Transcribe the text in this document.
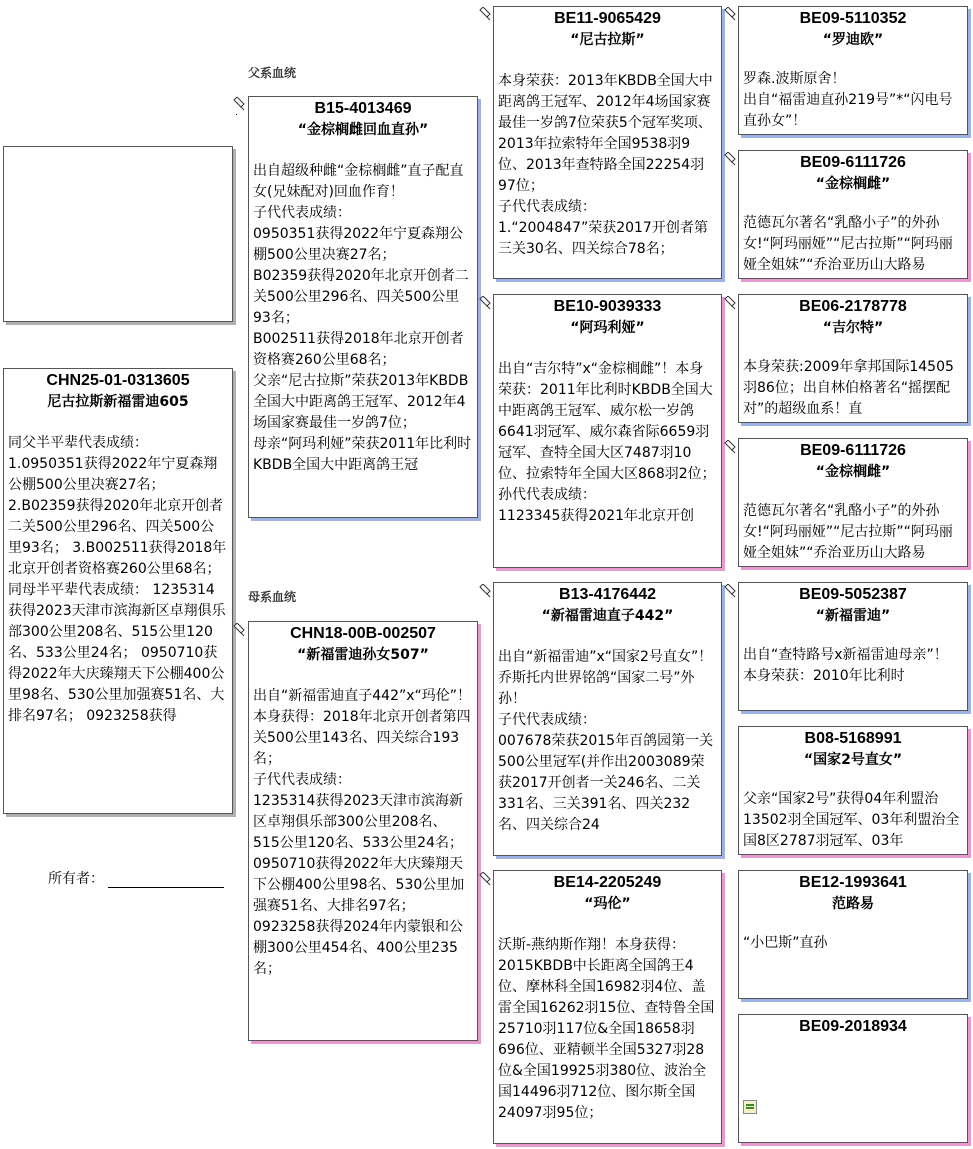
父系血统
母系血统
CHN25-01-0313605
尼古拉斯新福雷迪605
同父半平辈代表成绩：
1.0950351获得2022年宁夏森翔公棚500公里决赛27名；
2.B02359获得2020年北京开创者二关500公里296名、四关500公里93名； 3.B002511获得2018年北京开创者资格赛260公里68名； 同母半平辈代表成绩： 1235314获得2023天津市滨海新区卓翔俱乐部300公里208名、515公里120名、533公里24名； 0950710获得2022年大庆臻翔天下公棚400公里98名、530公里加强赛51名、大排名97名； 0923258获得
所有者：
B15-4013469
“金棕榈雌回血直孙”
出自超级种雌“金棕榈雌”直子配直女(兄妹配对)回血作育！
子代代表成绩：
0950351获得2022年宁夏森翔公棚500公里决赛27名；
B02359获得2020年北京开创者二关500公里296名、四关500公里93名；
B002511获得2018年北京开创者资格赛260公里68名；
父亲“尼古拉斯”荣获2013年KBDB全国大中距离鸽王冠军、2012年4场国家赛最佳一岁鸽7位；
母亲“阿玛利娅”荣获2011年比利时KBDB全国大中距离鸽王冠
CHN18-00B-002507
“新福雷迪孙女507”
出自“新福雷迪直子442”x“玛伦”！
本身获得：2018年北京开创者第四关500公里143名、四关综合193名；
子代代表成绩：
1235314获得2023天津市滨海新区卓翔俱乐部300公里208名、515公里120名、533公里24名；
0950710获得2022年大庆臻翔天下公棚400公里98名、530公里加强赛51名、大排名97名；
0923258获得2024年内蒙银和公棚300公里454名、400公里235名；
BE11-9065429
“尼古拉斯”
本身荣获：2013年KBDB全国大中距离鸽王冠军、2012年4场国家赛最佳一岁鸽7位荣获5个冠军奖项、2013年拉索特年全国9538羽9位、2013年查特路全国22254羽97位；
子代代表成绩：
1.“2004847”荣获2017开创者第三关30名、四关综合78名；
BE10-9039333
“阿玛利娅”
出自“吉尔特”x“金棕榈雌”！本身荣获：2011年比利时KBDB全国大中距离鸽王冠军、威尔松一岁鸽6641羽冠军、威尔森省际6659羽冠军、查特全国大区7487羽10位、拉索特年全国大区868羽2位；
孙代代表成绩：
1123345获得2021年北京开创
B13-4176442
“新福雷迪直子442”
出自“新福雷迪”x“国家2号直女”！乔斯托内世界铭鸽“国家二号”外孙！
子代代表成绩：
007678荣获2015年百鸽园第一关500公里冠军(并作出2003089荣获2017开创者一关246名、二关331名、三关391名、四关232名、四关综合24
BE14-2205249
“玛伦”
沃斯-燕纳斯作翔！本身获得：2015KBDB中长距离全国鸽王4位、摩林科全国16982羽4位、盖雷全国16262羽15位、查特鲁全国25710羽117位&全国18658羽696位、亚精顿半全国5327羽28位&全国19925羽380位、波治全国14496羽712位、图尔斯全国24097羽95位；
BE09-5110352
“罗迪欧”
罗森.波斯原舍！
出自“福雷迪直孙219号”*“闪电号直孙女”！
BE09-6111726
“金棕榈雌”
范德瓦尔著名“乳酪小子”的外孙女!“阿玛丽娅”“尼古拉斯”“阿玛丽娅全姐妹”“乔治亚历山大路易
BE06-2178778
“吉尔特”
本身荣获:2009年拿邦国际14505羽86位；出自林伯格著名“摇摆配对”的超级血系！直
BE09-6111726
“金棕榈雌”
范德瓦尔著名“乳酪小子”的外孙女!“阿玛丽娅”“尼古拉斯”“阿玛丽娅全姐妹”“乔治亚历山大路易
BE09-5052387
“新福雷迪”
出自“查特路号x新福雷迪母亲”！
本身荣获：2010年比利时
B08-5168991
“国家2号直女”
父亲“国家2号”获得04年利盟治13502羽全国冠军、03年利盟治全国8区2787羽冠军、03年
BE12-1993641
范路易
“小巴斯”直孙
BE09-2018934
